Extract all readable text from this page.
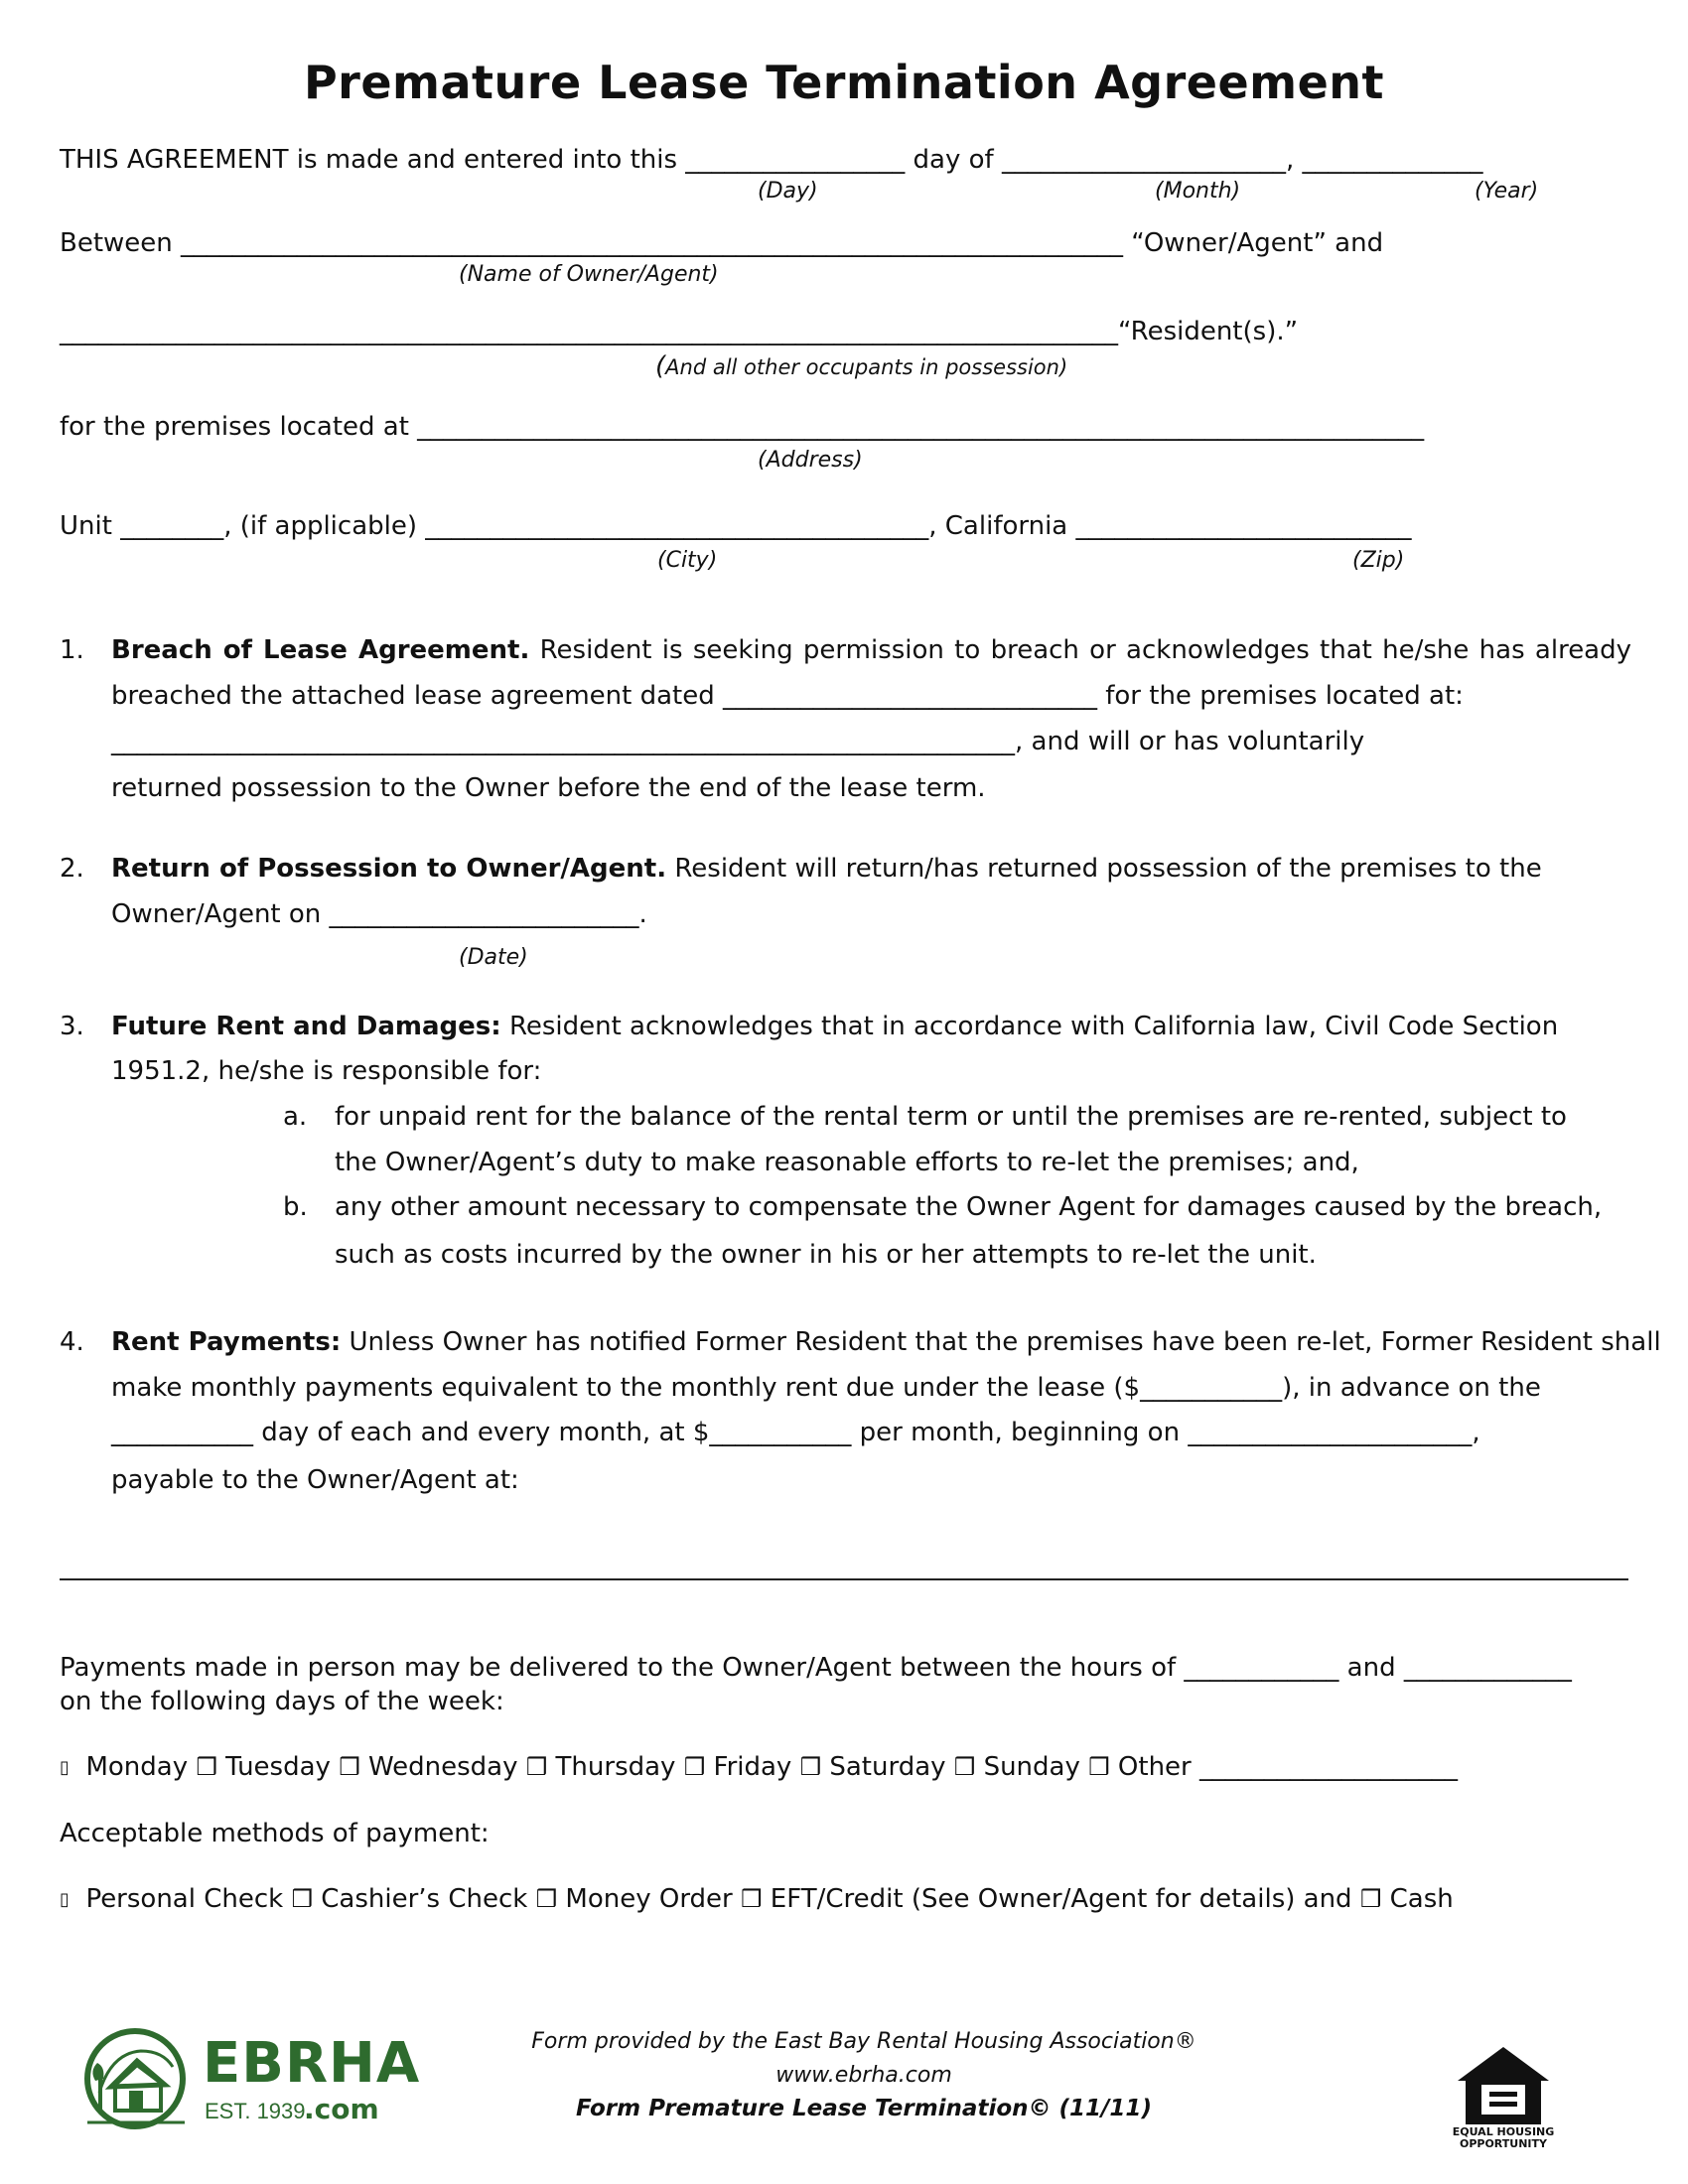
Premature Lease Termination Agreement
THIS AGREEMENT is made and entered into this _________________ day of ______________________, ______________
(Day)	(Month)	(Year)
Between _________________________________________________________________________ “Owner/Agent” and
(Name of Owner/Agent)
__________________________________________________________________________________“Resident(s).”
(And all other occupants in possession)
for the premises located at ______________________________________________________________________________
(Address)
Unit ________, (if applicable) _______________________________________, California __________________________
(City)	(Zip)
1. Breach of Lease Agreement. Resident is seeking permission to breach or acknowledges that he/she has already
breached the attached lease agreement dated _____________________________ for the premises located at:
______________________________________________________________________, and will or has voluntarily
returned possession to the Owner before the end of the lease term.
2. Return of Possession to Owner/Agent. Resident will return/has returned possession of the premises to the
Owner/Agent on ________________________.
(Date)
3. Future Rent and Damages: Resident acknowledges that in accordance with California law, Civil Code Section
1951.2, he/she is responsible for:
a. for unpaid rent for the balance of the rental term or until the premises are re-rented, subject to
the Owner/Agent’s duty to make reasonable efforts to re-let the premises; and,
b. any other amount necessary to compensate the Owner Agent for damages caused by the breach,
such as costs incurred by the owner in his or her attempts to re-let the unit.
4. Rent Payments: Unless Owner has notified Former Resident that the premises have been re-let, Former Resident shall
make monthly payments equivalent to the monthly rent due under the lease ($___________), in advance on the
___________ day of each and every month, at $___________ per month, beginning on ______________________,
payable to the Owner/Agent at:
Payments made in person may be delivered to the Owner/Agent between the hours of ____________ and _____________
on the following days of the week:
▯ Monday ❒ Tuesday ❒ Wednesday ❒ Thursday ❒ Friday ❒ Saturday ❒ Sunday ❒ Other ____________________
Acceptable methods of payment:
▯ Personal Check ❒ Cashier’s Check ❒ Money Order ❒ EFT/Credit (See Owner/Agent for details) and ❒ Cash
EBRHA
EST. 1939
.com
Form provided by the East Bay Rental Housing Association®
www.ebrha.com
Form Premature Lease Termination© (11/11)
EQUAL HOUSING
OPPORTUNITY
